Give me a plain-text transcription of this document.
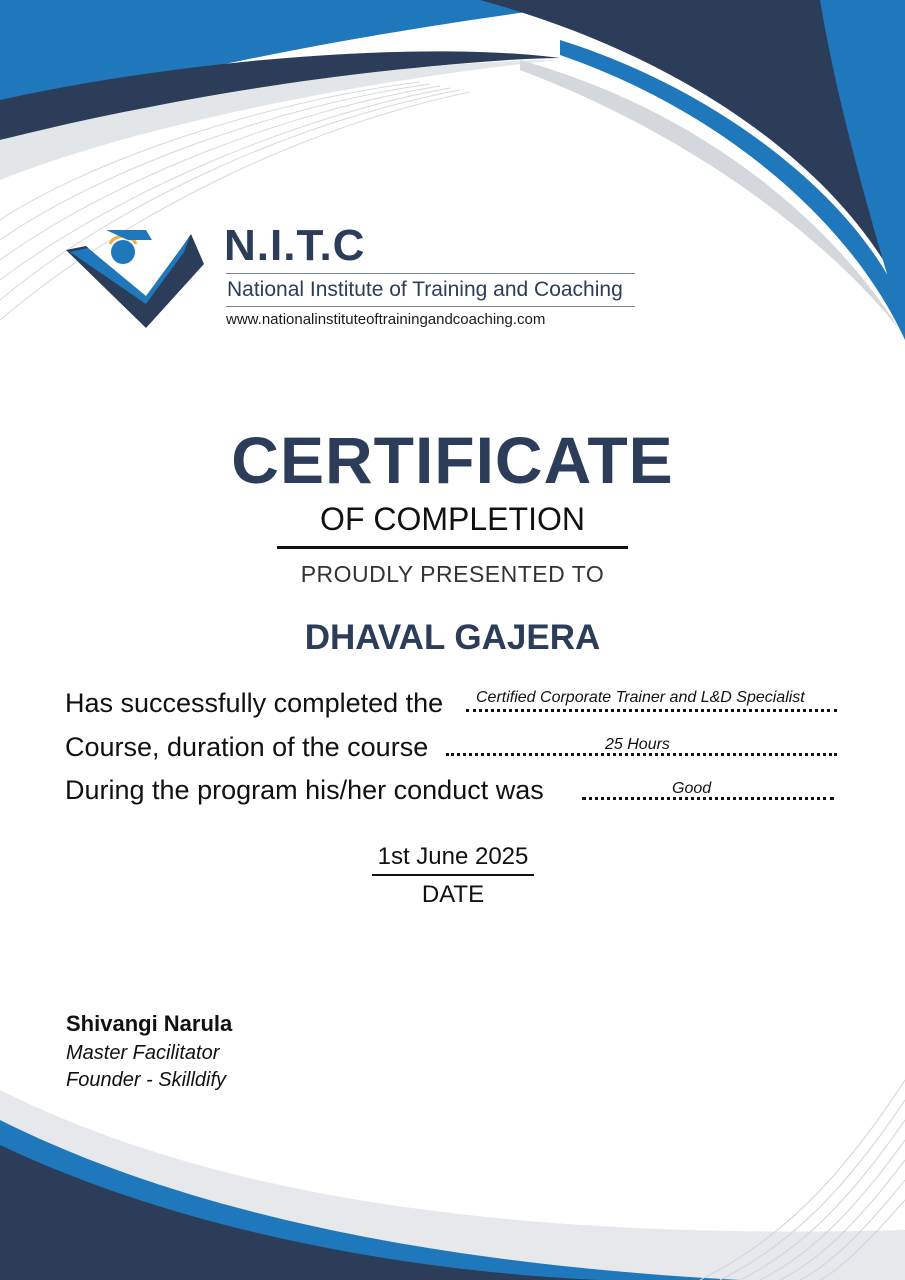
N.I.T.C
National Institute of Training and Coaching
www.nationalinstituteoftrainingandcoaching.com
CERTIFICATE
OF COMPLETION
PROUDLY PRESENTED TO
DHAVAL GAJERA
Has successfully completed the Certified Corporate Trainer and L&D Specialist
Course, duration of the course	25 Hours
During the program his/her conduct was	Good
1st June 2025
DATE
Shivangi Narula
Master Facilitator
Founder - Skilldify
